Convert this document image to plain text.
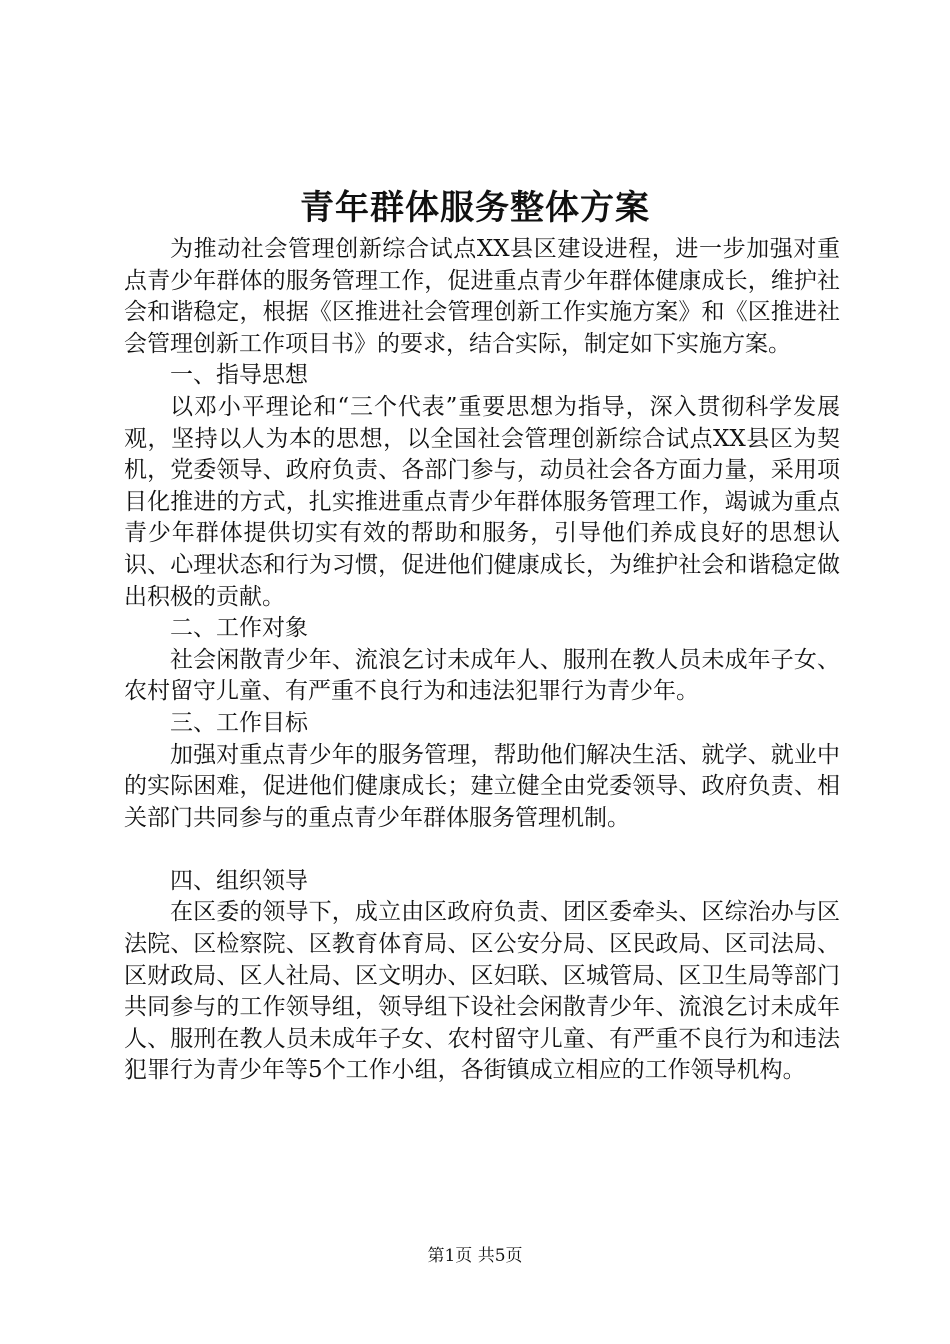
青年群体服务整体方案

为推动社会管理创新综合试点XX县区建设进程，进一步加强对重点青少年群体的服务管理工作，促进重点青少年群体健康成长，维护社会和谐稳定，根据《区推进社会管理创新工作实施方案》和《区推进社会管理创新工作项目书》的要求，结合实际，制定如下实施方案。

一、指导思想

以邓小平理论和“三个代表”重要思想为指导，深入贯彻科学发展观，坚持以人为本的思想，以全国社会管理创新综合试点XX县区为契机，党委领导、政府负责、各部门参与，动员社会各方面力量，采用项目化推进的方式，扎实推进重点青少年群体服务管理工作，竭诚为重点青少年群体提供切实有效的帮助和服务，引导他们养成良好的思想认识、心理状态和行为习惯，促进他们健康成长，为维护社会和谐稳定做出积极的贡献。

二、工作对象

社会闲散青少年、流浪乞讨未成年人、服刑在教人员未成年子女、农村留守儿童、有严重不良行为和违法犯罪行为青少年。

三、工作目标

加强对重点青少年的服务管理，帮助他们解决生活、就学、就业中的实际困难，促进他们健康成长；建立健全由党委领导、政府负责、相关部门共同参与的重点青少年群体服务管理机制。

四、组织领导

在区委的领导下，成立由区政府负责、团区委牵头、区综治办与区法院、区检察院、区教育体育局、区公安分局、区民政局、区司法局、区财政局、区人社局、区文明办、区妇联、区城管局、区卫生局等部门共同参与的工作领导组，领导组下设社会闲散青少年、流浪乞讨未成年人、服刑在教人员未成年子女、农村留守儿童、有严重不良行为和违法犯罪行为青少年等5个工作小组，各街镇成立相应的工作领导机构。

第1页 共5页
